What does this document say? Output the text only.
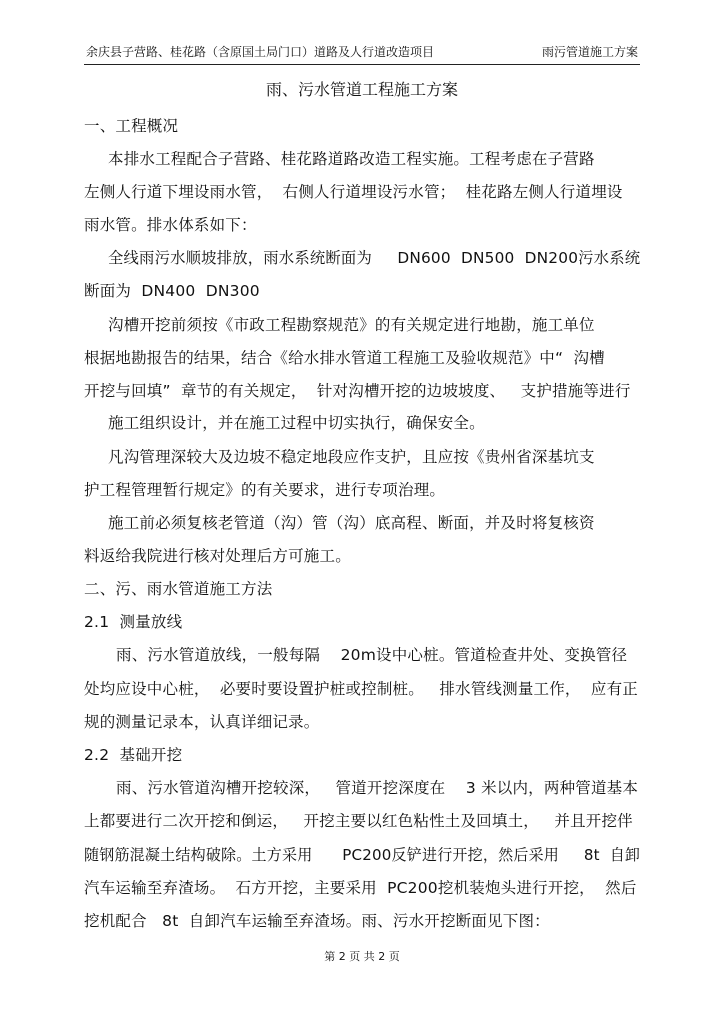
余庆县子营路、桂花路（含原国土局门口）道路及人行道改造项目	雨污管道施工方案
雨、污水管道工程施工方案
一、工程概况
本排水工程配合子营路、桂花路道路改造工程实施。工程考虑在子营路
左侧人行道下埋设雨水管，  右侧人行道埋设污水管；  桂花路左侧人行道埋设
雨水管。排水体系如下：
全线雨污水顺坡排放，雨水系统断面为     DN600  DN500  DN200污水系统
断面为  DN400  DN300
沟槽开挖前须按《市政工程勘察规范》的有关规定进行地勘，施工单位
根据地勘报告的结果，结合《给水排水管道工程施工及验收规范》中“  沟槽
开挖与回填”  章节的有关规定，  针对沟槽开挖的边坡坡度、   支护措施等进行
施工组织设计，并在施工过程中切实执行，确保安全。
凡沟管理深较大及边坡不稳定地段应作支护，且应按《贵州省深基坑支
护工程管理暂行规定》的有关要求，进行专项治理。
施工前必须复核老管道（沟）管（沟）底高程、断面，并及时将复核资
料返给我院进行核对处理后方可施工。
二、污、雨水管道施工方法
2.1  测量放线
雨、污水管道放线，一般每隔    20m设中心桩。管道检查井处、变换管径
处均应设中心桩，  必要时要设置护桩或控制桩。   排水管线测量工作，  应有正
规的测量记录本，认真详细记录。
2.2  基础开挖
雨、污水管道沟槽开挖较深，   管道开挖深度在    3 米以内，两种管道基本
上都要进行二次开挖和倒运，   开挖主要以红色粘性土及回填土，   并且开挖伴
随钢筋混凝土结构破除。土方采用      PC200反铲进行开挖，然后采用     8t  自卸
汽车运输至弃渣场。  石方开挖，主要采用  PC200挖机装炮头进行开挖，  然后
挖机配合   8t  自卸汽车运输至弃渣场。雨、污水开挖断面见下图：
第 2 页 共 2 页
